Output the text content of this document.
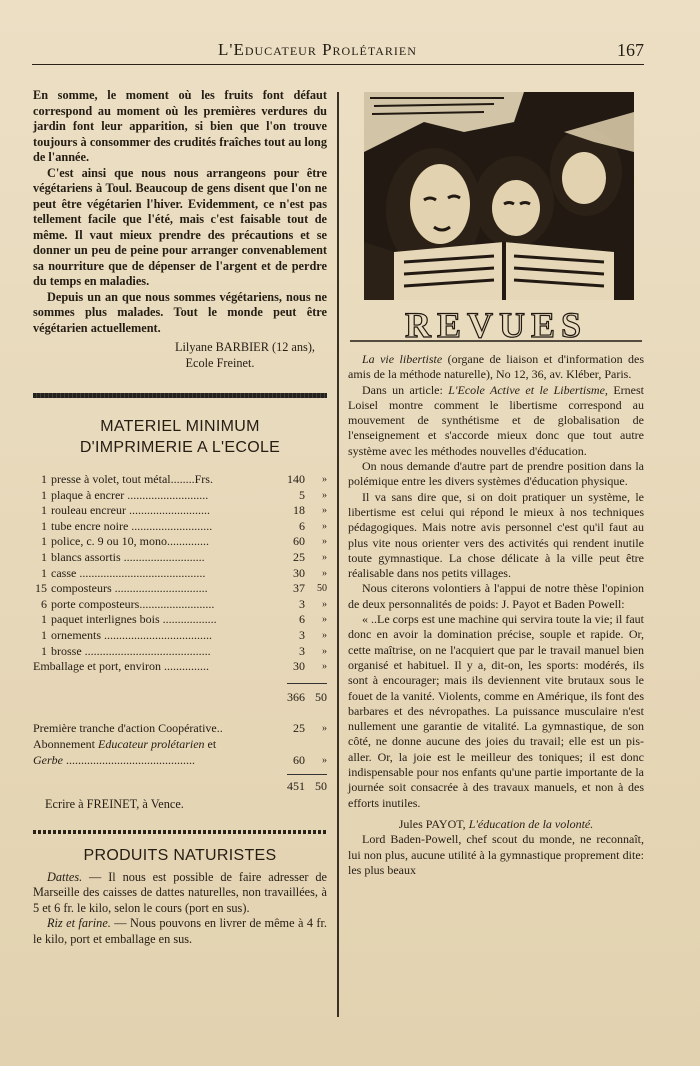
L'Educateur Prolétarien	167

En somme, le moment où les fruits font défaut correspond au moment où les premières verdures du jardin font leur apparition, si bien que l'on trouve toujours à consommer des crudités fraîches tout au long de l'année.

C'est ainsi que nous nous arrangeons pour être végétariens à Toul. Beaucoup de gens disent que l'on ne peut être végétarien l'hiver. Evidemment, ce n'est pas tellement facile que l'été, mais c'est faisable tout de même. Il vaut mieux prendre des précautions et se donner un peu de peine pour arranger convenablement sa nourriture que de dépenser de l'argent et de perdre du temps en maladies.

Depuis un an que nous sommes végétariens, nous ne sommes plus malades. Tout le monde peut être végétarien actuellement.

Lilyane BARBIER (12 ans),

Ecole Freinet.

MATERIEL MINIMUM
D'IMPRIMERIE A L'ECOLE
1	presse à volet, tout métal........Frs.	140	»
1	plaque à encrer ...........................	5	»
1	rouleau encreur ...........................	18	»
1	tube encre noire ...........................	6	»
1	police, c. 9 ou 10, mono..............	60	»
1	blancs assortis ...........................	25	»
1	casse ..........................................	30	»
15	composteurs ...............................	37	50
6	porte composteurs.........................	3	»
1	paquet interlignes bois ..................	6	»
1	ornements ....................................	3	»
1	brosse ..........................................	3	»
Emballage et port, environ ...............		30	»
	366	50
Première tranche d'action Coopérative..	25	»
Abonnement Educateur prolétarien et		
Gerbe ...........................................	60	»
	451	50

Ecrire à FREINET, à Vence.

PRODUITS NATURISTES

Dattes. — Il nous est possible de faire adresser de Marseille des caisses de dattes naturelles, non travaillées, à 5 et 6 fr. le kilo, selon le cours (port en sus).

Riz et farine. — Nous pouvons en livrer de même à 4 fr. le kilo, port et emballage en sus.

REVUES

La vie libertiste (organe de liaison et d'information des amis de la méthode naturelle), No 12, 36, av. Kléber, Paris.

Dans un article: L'Ecole Active et le Libertisme, Ernest Loisel montre comment le libertisme correspond au mouvement de synthétisme et de globalisation de l'enseignement et s'accorde mieux donc que tout autre système avec les méthodes nouvelles d'éducation.

On nous demande d'autre part de prendre position dans la polémique entre les divers systèmes d'éducation physique.

Il va sans dire que, si on doit pratiquer un système, le libertisme est celui qui répond le mieux à nos techniques pédagogiques. Mais notre avis personnel c'est qu'il faut au plus vite nous orienter vers des activités qui rendent inutile toute gymnastique. La chose délicate à la ville peut être réalisable dans nos petits villages.

Nous citerons volontiers à l'appui de notre thèse l'opinion de deux personnalités de poids: J. Payot et Baden Powell:

« ..Le corps est une machine qui servira toute la vie; il faut donc en avoir la domination précise, souple et rapide. Or, cette maîtrise, on ne l'acquiert que par le travail manuel bien organisé et habituel. Il y a, dit-on, les sports: modérés, ils sont à encourager; mais ils deviennent vite brutaux sous le fouet de la vanité. Violents, comme en Amérique, ils font des barbares et des névropathes. La puissance musculaire n'est nullement une garantie de vitalité. La gymnastique, de son côté, ne donne aucune des joies du travail; elle est un pis-aller. Or, la joie est le meilleur des toniques; il est donc indispensable pour nos enfants qu'une partie importante de la journée soit consacrée à des travaux manuels, et non à des efforts inutiles.

Jules PAYOT, L'éducation de la volonté.

Lord Baden-Powell, chef scout du monde, ne reconnaît, lui non plus, aucune utilité à la gymnastique proprement dite: les plus beaux
